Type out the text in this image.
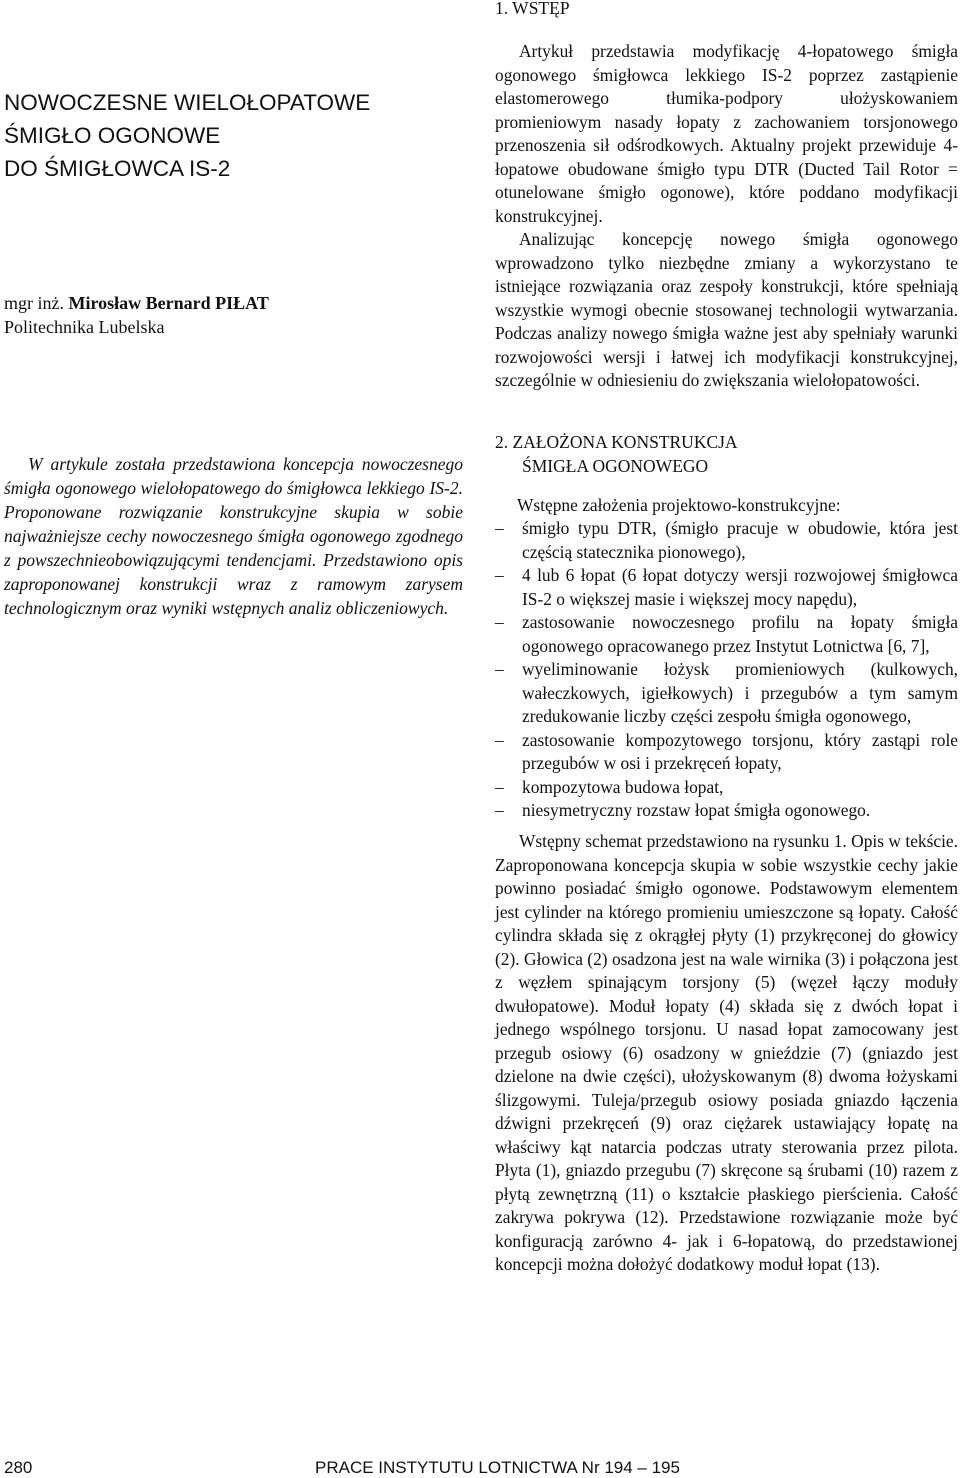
NOWOCZESNE WIELOŁOPATOWE
ŚMIGŁO OGONOWE
DO ŚMIGŁOWCA IS-2
mgr inż. Mirosław Bernard PIŁAT
Politechnika Lubelska

W artykule została przedstawiona koncepcja nowoczesnego śmigła ogonowego wielołopatowego do śmigłowca lekkiego IS-2. Proponowane rozwiązanie konstrukcyjne skupia w sobie najważniejsze cechy nowoczesnego śmigła ogonowego zgodnego z powszechnieobowiązującymi tendencjami. Przedstawiono opis zaproponowanej konstrukcji wraz z ramowym zarysem technologicznym oraz wyniki wstępnych analiz obliczeniowych.

1. WSTĘP

Artykuł przedstawia modyfikację 4-łopatowego śmigła ogonowego śmigłowca lekkiego IS-2 poprzez zastąpienie elastomerowego tłumika-podpory ułożyskowaniem promieniowym nasady łopaty z zachowaniem torsjonowego przenoszenia sił odśrodkowych. Aktualny projekt przewiduje 4-łopatowe obudowane śmigło typu DTR (Ducted Tail Rotor = otunelowane śmigło ogonowe), które poddano modyfikacji konstrukcyjnej.

Analizując koncepcję nowego śmigła ogonowego wprowadzono tylko niezbędne zmiany a wykorzystano te istniejące rozwiązania oraz zespoły konstrukcji, które spełniają wszystkie wymogi obecnie stosowanej technologii wytwarzania. Podczas analizy nowego śmigła ważne jest aby spełniały warunki rozwojowości wersji i łatwej ich modyfikacji konstrukcyjnej, szczególnie w odniesieniu do zwiększania wielołopatowości.

2. ZAŁOŻONA KONSTRUKCJA
ŚMIGŁA OGONOWEGO
Wstępne założenia projektowo-konstrukcyjne:
– śmigło typu DTR, (śmigło pracuje w obudowie, która jest częścią statecznika pionowego),
– 4 lub 6 łopat (6 łopat dotyczy wersji rozwojowej śmigłowca IS-2 o większej masie i większej mocy napędu),
– zastosowanie nowoczesnego profilu na łopaty śmigła ogonowego opracowanego przez Instytut Lotnictwa [6, 7],
– wyeliminowanie łożysk promieniowych (kulkowych, wałeczkowych, igiełkowych) i przegubów a tym samym zredukowanie liczby części zespołu śmigła ogonowego,
– zastosowanie kompozytowego torsjonu, który zastąpi role przegubów w osi i przekręceń łopaty,
– kompozytowa budowa łopat,
– niesymetryczny rozstaw łopat śmigła ogonowego.

Wstępny schemat przedstawiono na rysunku 1. Opis w tekście. Zaproponowana koncepcja skupia w sobie wszystkie cechy jakie powinno posiadać śmigło ogonowe. Podstawowym elementem jest cylinder na którego promieniu umieszczone są łopaty. Całość cylindra składa się z okrągłej płyty (1) przykręconej do głowicy (2). Głowica (2) osadzona jest na wale wirnika (3) i połączona jest z węzłem spinającym torsjony (5) (węzeł łączy moduły dwułopatowe). Moduł łopaty (4) składa się z dwóch łopat i jednego wspólnego torsjonu. U nasad łopat zamocowany jest przegub osiowy (6) osadzony w gnieździe (7) (gniazdo jest dzielone na dwie części), ułożyskowanym (8) dwoma łożyskami ślizgowymi. Tuleja/przegub osiowy posiada gniazdo łączenia dźwigni przekręceń (9) oraz ciężarek ustawiający łopatę na właściwy kąt natarcia podczas utraty sterowania przez pilota. Płyta (1), gniazdo przegubu (7) skręcone są śrubami (10) razem z płytą zewnętrzną (11) o kształcie płaskiego pierścienia. Całość zakrywa pokrywa (12). Przedstawione rozwiązanie może być konfiguracją zarówno 4- jak i 6-łopatową, do przedstawionej koncepcji można dołożyć dodatkowy moduł łopat (13).

280	PRACE INSTYTUTU LOTNICTWA Nr 194 – 195
